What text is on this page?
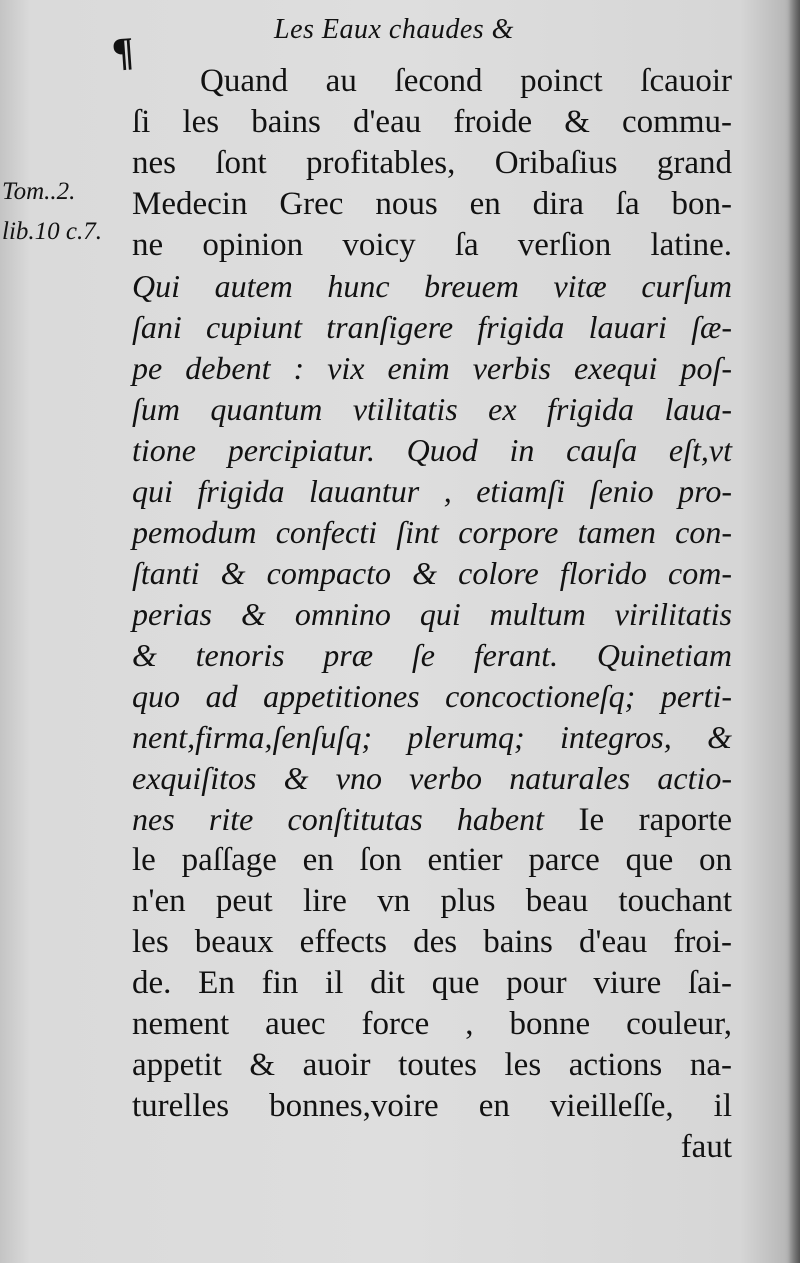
Les Eaux chaudes &
¶
Tom..2.
lib.10 c.7.
Quand au ſecond poinct ſcauoir
ſi les bains d'eau froide & commu-
nes ſont profitables, Oribaſius grand
Medecin Grec nous en dira ſa bon-
ne opinion voicy ſa verſion latine.
Qui autem hunc breuem vitæ curſum
ſani cupiunt tranſigere frigida lauari ſæ-
pe debent : vix enim verbis exequi poſ-
ſum quantum vtilitatis ex frigida laua-
tione percipiatur. Quod in cauſa eſt,vt
qui frigida lauantur , etiamſi ſenio pro-
pemodum confecti ſint corpore tamen con-
ſtanti & compacto & colore florido com-
perias & omnino qui multum virilitatis
& tenoris præ ſe ferant. Quinetiam
quo ad appetitiones concoctioneſq; perti-
nent,firma,ſenſuſq; plerumq; integros, &
exquiſitos & vno verbo naturales actio-
nes rite conſtitutas habent Ie raporte
le paſſage en ſon entier parce que on
n'en peut lire vn plus beau touchant
les beaux effects des bains d'eau froi-
de. En fin il dit que pour viure ſai-
nement auec force , bonne couleur,
appetit & auoir toutes les actions na-
turelles bonnes,voire en vieilleſſe, il
faut
